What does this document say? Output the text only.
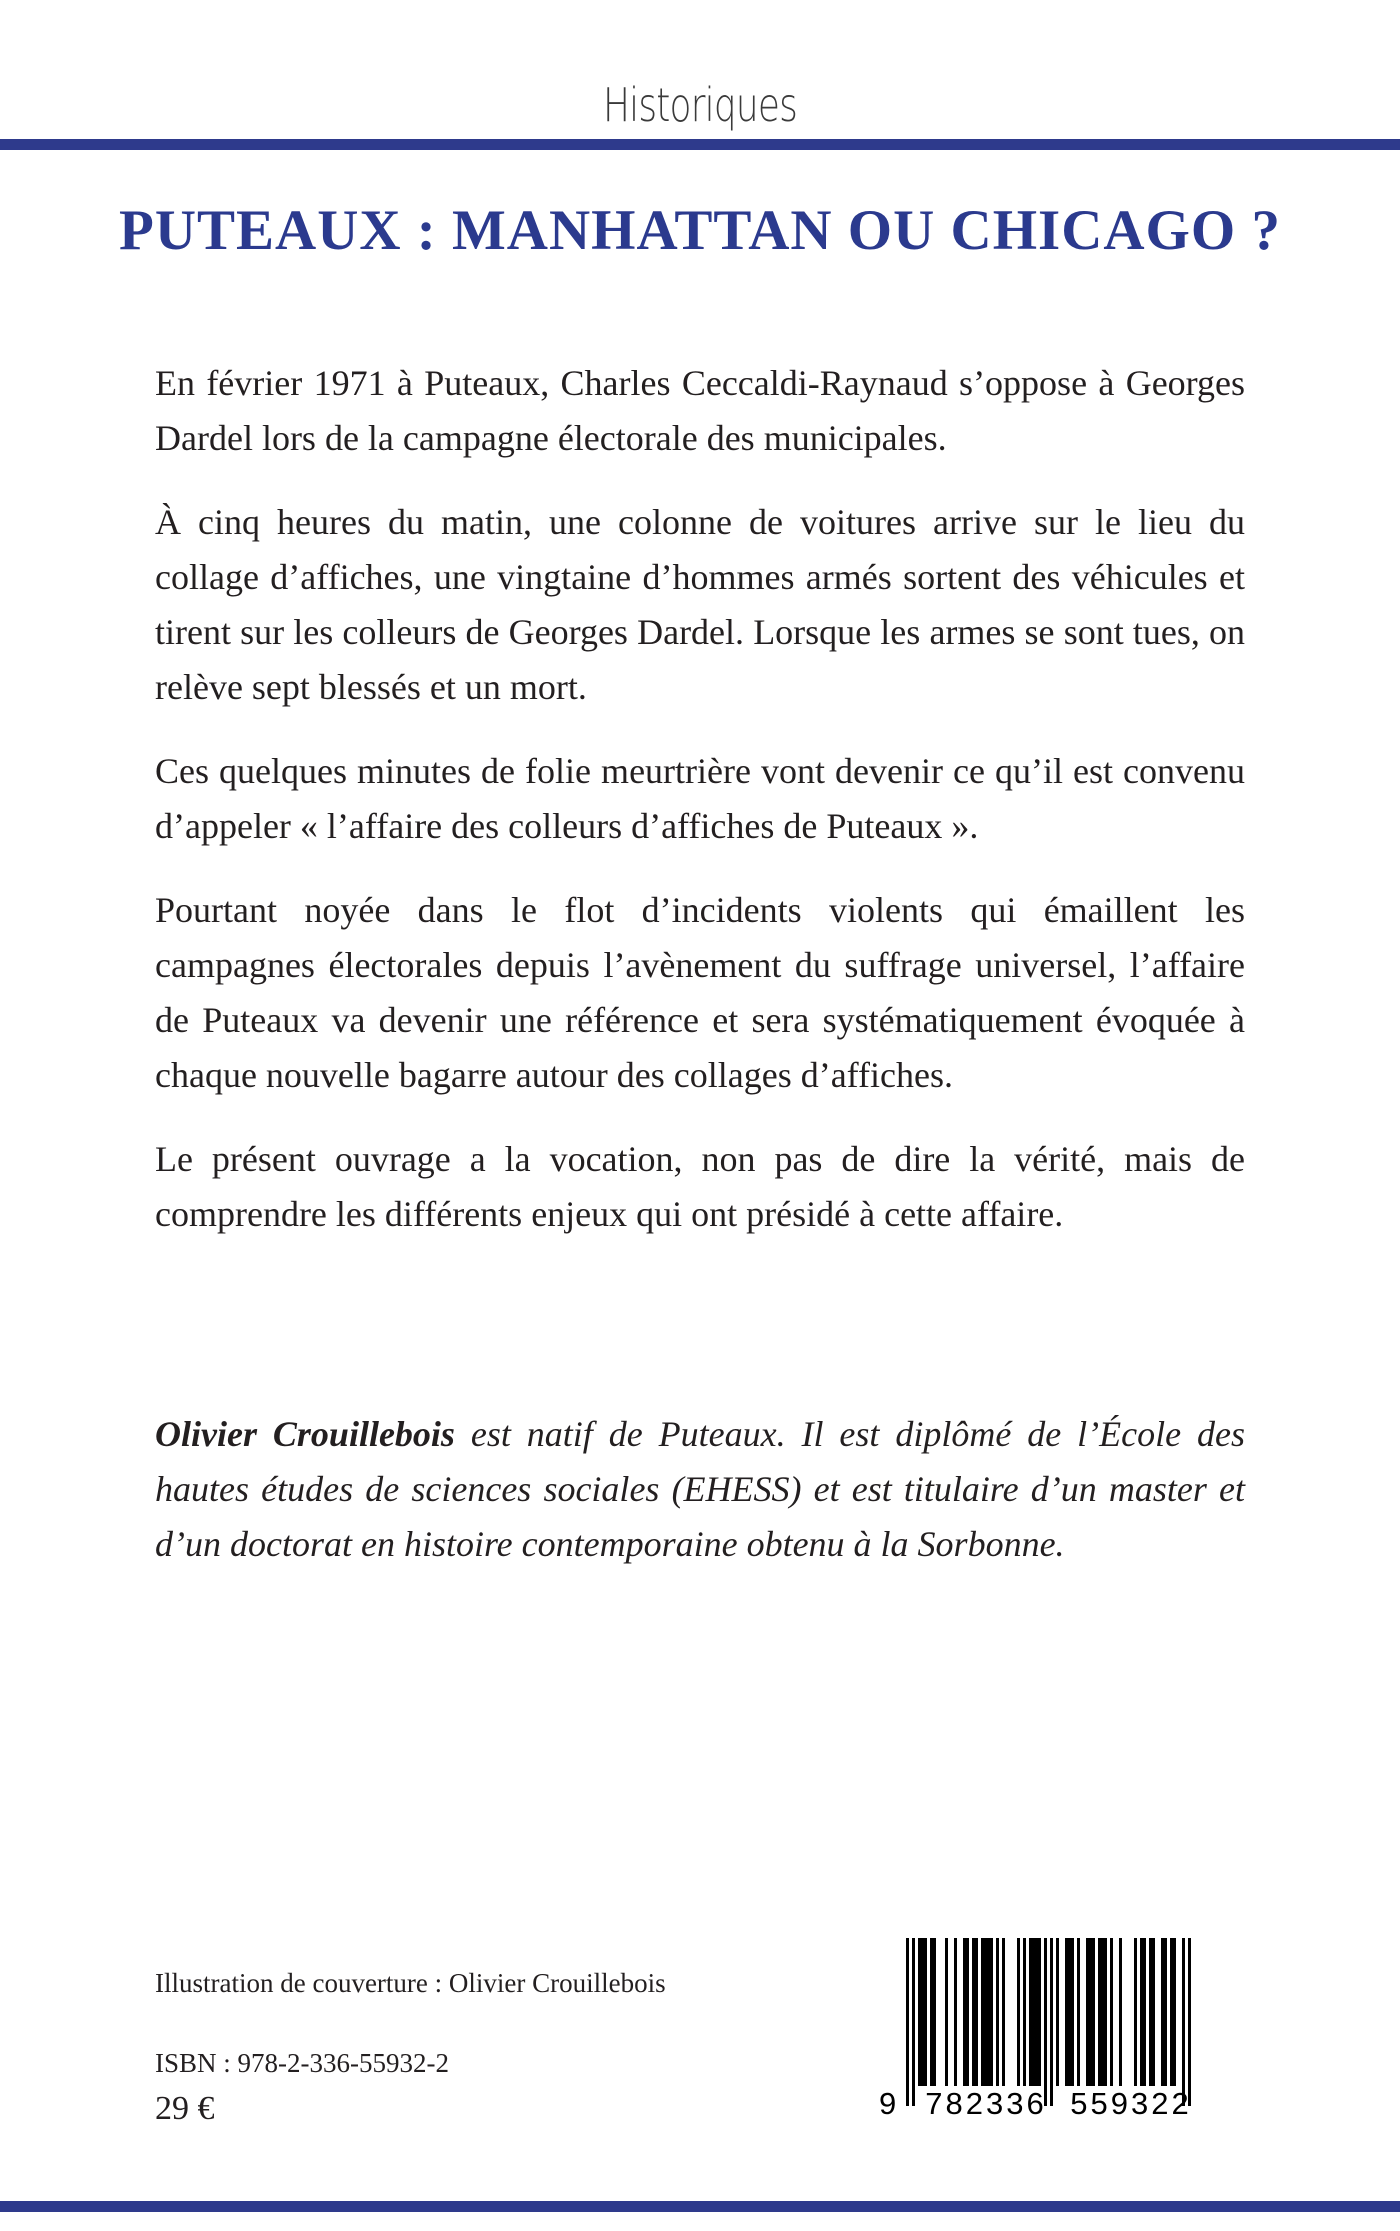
Historiques
PUTEAUX : MANHATTAN OU CHICAGO ?

En février 1971 à Puteaux, Charles Ceccaldi-Raynaud s’oppose à Georges Dardel lors de la campagne électorale des municipales.

À cinq heures du matin, une colonne de voitures arrive sur le lieu du collage d’affiches, une vingtaine d’hommes armés sortent des véhicules et tirent sur les colleurs de Georges Dardel. Lorsque les armes se sont tues, on relève sept blessés et un mort.

Ces quelques minutes de folie meurtrière vont devenir ce qu’il est convenu d’appeler « l’affaire des colleurs d’affiches de Puteaux ».

Pourtant noyée dans le flot d’incidents violents qui émaillent les campagnes électorales depuis l’avènement du suffrage universel, l’affaire de Puteaux va devenir une référence et sera systématiquement évoquée à chaque nouvelle bagarre autour des collages d’affiches.

Le présent ouvrage a la vocation, non pas de dire la vérité, mais de comprendre les différents enjeux qui ont présidé à cette affaire.

Olivier Crouillebois est natif de Puteaux. Il est diplômé de l’École des hautes études de sciences sociales (EHESS) et est titulaire d’un master et d’un doctorat en histoire contemporaine obtenu à la Sorbonne.

Illustration de couverture : Olivier Crouillebois

ISBN : 978-2-336-55932-2

29 €	9 782336 559322
